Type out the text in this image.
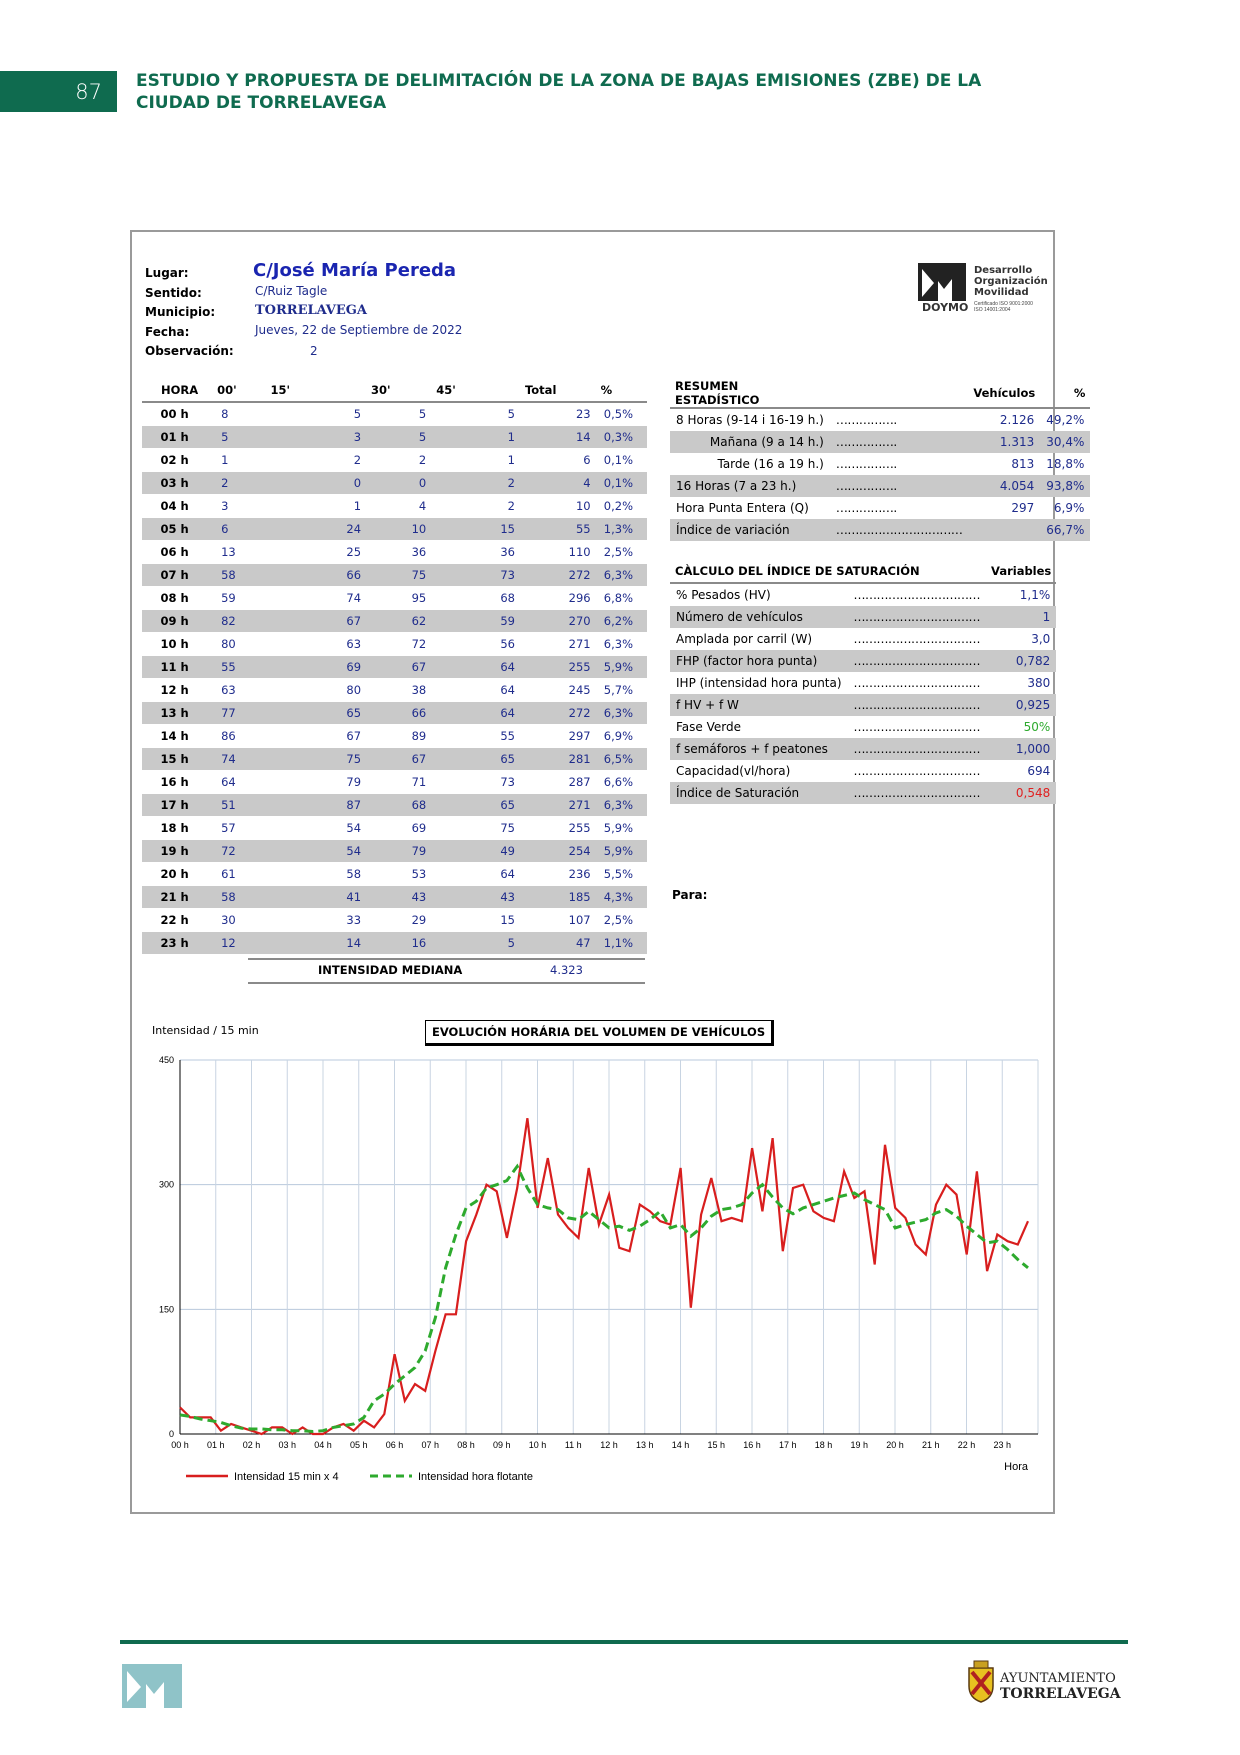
87	ESTUDIO Y PROPUESTA DE DELIMITACIÓN DE LA ZONA DE BAJAS EMISIONES (ZBE) DE LA CIUDAD DE TORRELAVEGA
Lugar:	C/José María Pereda
Sentido:	C/Ruiz Tagle
Municipio:	TORRELAVEGA
Fecha:	Jueves, 22 de Septiembre de 2022
Observación:	2
Desarrollo
Organización
Movilidad
DOYMO Certificado ISO 9001:2000
ISO 14001:2004
HORA	00'	15'	30'	45'	Total	%
00 h	8	5	5	5	23	0,5%
01 h	5	3	5	1	14	0,3%
02 h	1	2	2	1	6	0,1%
03 h	2	0	0	2	4	0,1%
04 h	3	1	4	2	10	0,2%
05 h	6	24	10	15	55	1,3%
06 h	13	25	36	36	110	2,5%
07 h	58	66	75	73	272	6,3%
08 h	59	74	95	68	296	6,8%
09 h	82	67	62	59	270	6,2%
10 h	80	63	72	56	271	6,3%
11 h	55	69	67	64	255	5,9%
12 h	63	80	38	64	245	5,7%
13 h	77	65	66	64	272	6,3%
14 h	86	67	89	55	297	6,9%
15 h	74	75	67	65	281	6,5%
16 h	64	79	71	73	287	6,6%
17 h	51	87	68	65	271	6,3%
18 h	57	54	69	75	255	5,9%
19 h	72	54	79	49	254	5,9%
20 h	61	58	53	64	236	5,5%
21 h	58	41	43	43	185	4,3%
22 h	30	33	29	15	107	2,5%
23 h	12	14	16	5	47	1,1%
INTENSIDAD MEDIANA	4.323
RESUMEN ESTADÍSTICO		Vehículos	%
8 Horas (9-14 i 16-19 h.)	…………….	2.126	49,2%
Mañana (9 a 14 h.)	…………….	1.313	30,4%
Tarde (16 a 19 h.)	…………….	813	18,8%
16 Horas (7 a 23 h.)	…………….	4.054	93,8%
Hora Punta Entera (Q)	…………….	297	6,9%
Índice de variación	……………………………		66,7%
CÀLCULO DEL ÍNDICE DE SATURACIÓN		Variables
% Pesados (HV)	……………………………	1,1%
Número de vehículos	……………………………	1
Amplada por carril (W)	……………………………	3,0
FHP (factor hora punta)	……………………………	0,782
IHP (intensidad hora punta)	……………………………	380
f HV + f W	……………………………	0,925
Fase Verde	……………………………	50%
f semáforos + f peatones	……………………………	1,000
Capacidad(vl/hora)	……………………………	694
Índice de Saturación	……………………………	0,548
Para:
Intensidad / 15 min	EVOLUCIÓN HORÁRIA DEL VOLUMEN DE VEHÍCULOS
0
150
300
450
00 h 01 h 02 h 03 h 04 h 05 h 06 h 07 h 08 h 09 h 10 h 11 h 12 h 13 h 14 h 15 h 16 h 17 h 18 h 19 h 20 h 21 h 22 h 23 h
Intensidad 15 min x 4	Intensidad hora flotante
Hora
AYUNTAMIENTO
TORRELAVEGA
